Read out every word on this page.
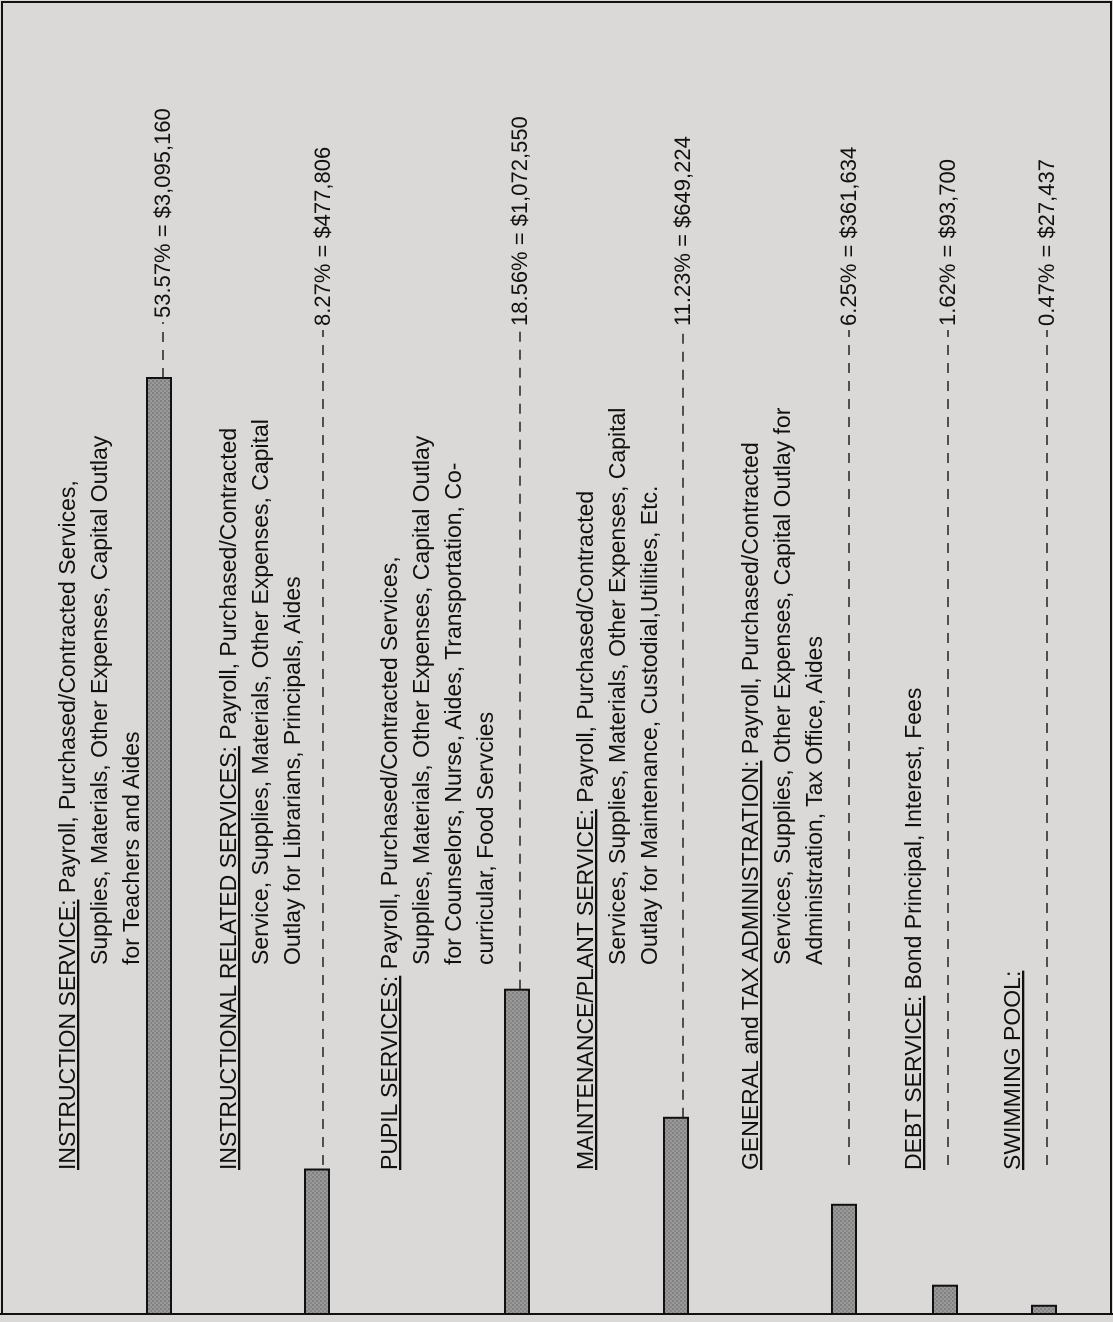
INSTRUCTION SERVICE: Payroll, Purchased/Contracted Services, Supplies, Materials, Other Expenses, Capital Outlay for Teachers and Aides
53.57% = $3,095,160
INSTRUCTIONAL RELATED SERVICES: Payroll, Purchased/Contracted Service, Supplies, Materials, Other Expenses, Capital Outlay for Librarians, Principals, Aides
8.27% = $477,806
PUPIL SERVICES: Payroll, Purchased/Contracted Services, Supplies, Materials, Other Expenses, Capital Outlay for Counselors, Nurse, Aides, Transportation, Co- curricular, Food Servcies
18.56% = $1,072,550
MAINTENANCE/PLANT SERVICE: Payroll, Purchased/Contracted Services, Supplies, Materials, Other Expenses, Capital Outlay for Maintenance, Custodial,Utilities, Etc.
11.23% = $649,224
GENERAL and TAX ADMINISTRATION: Payroll, Purchased/Contracted Services, Supplies, Other Expenses, Capital Outlay for Administration, Tax Office, Aides
6.25% = $361,634
DEBT SERVICE: Bond Principal, Interest, Fees
1.62% = $93,700
SWIMMING POOL:
0.47% = $27,437
